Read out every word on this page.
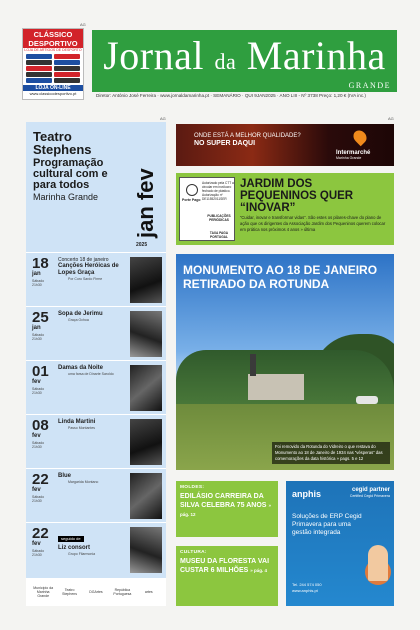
CLÁSSICO DESPORTIVO
LOJA DE ARTIGOS DE DESPORTO
LOJA ON-LINE
www.classicodesportivo.pt
Jornal da Marinha
GRANDE
Diretor: António José Ferreira · www.jornaldamarinha.pt · SEMANÁRIO · QUI 9JAN2025 · ANO LIII - Nº 3738 Preço: 1,20 € (IVA inc.)
AG
AG	AG
Teatro Stephens
Programação cultural com e para todos
Marinha Grande	jan fev
2025
18
jan
Sábado 21h30
Concerto 18 de janeiro
Canções Heróicas de Lopes Graça
Por Coro Sardo Firme
25
jan
Sábado 21h30
Sopa de Jerimu
Graça Ochoa
01
fev
Sábado 21h30
Damas da Noite
uma farsa de Dinarte Saroldo
08
fev
Sábado 21h30
Linda Martini
Passo Montantes
22
fev
Sábado 21h30
Blue
Margarida Montano
22
fev
Sábado 21h30
seguido de
Liz consort
Grupo Filarmonia
Município da Marinha Grande
Teatro Stephens	DGArtes	República Portuguesa	artes
ONDE ESTÁ A MELHOR QUALIDADE?
NO SUPER DAQUI
Intermarché
Marinha Grande
Autorizado pela CTT a circular em invólucro fechado de plástico. Autorização nº DE11552011SER
Porte Pago
PUBLICAÇÕES PERIÓDICAS
TAXA PAGA PORTUGAL
JARDIM DOS PEQUENINOS QUER “INOVAR”
“Cuidar, inovar e transformar vidas”. São estes os pilares-chave do plano de ação que os dirigentes da Associação Jardim dos Pequeninos querem colocar em prática nos próximos 4 anos » última
MONUMENTO AO 18 DE JANEIRO RETIRADO DA ROTUNDA
Foi removido da Rotunda do Vidreiro o que restava do Monumento ao 18 de Janeiro de 1934 nas “vésperas” das comemorações da data histórica » pags. 5 e 12
MOLDES:
EDILÁSIO CARREIRA DA SILVA CELEBRA 75 ANOS » pág. 12
CULTURA:
MUSEU DA FLORESTA VAI CUSTAR 6 MILHÕES » pág. 4
anphis	cegid partner
Certified Cegid Primavera
Soluções de ERP Cegid Primavera para uma gestão integrada
Tel. 244 574 050
www.anphis.pt
